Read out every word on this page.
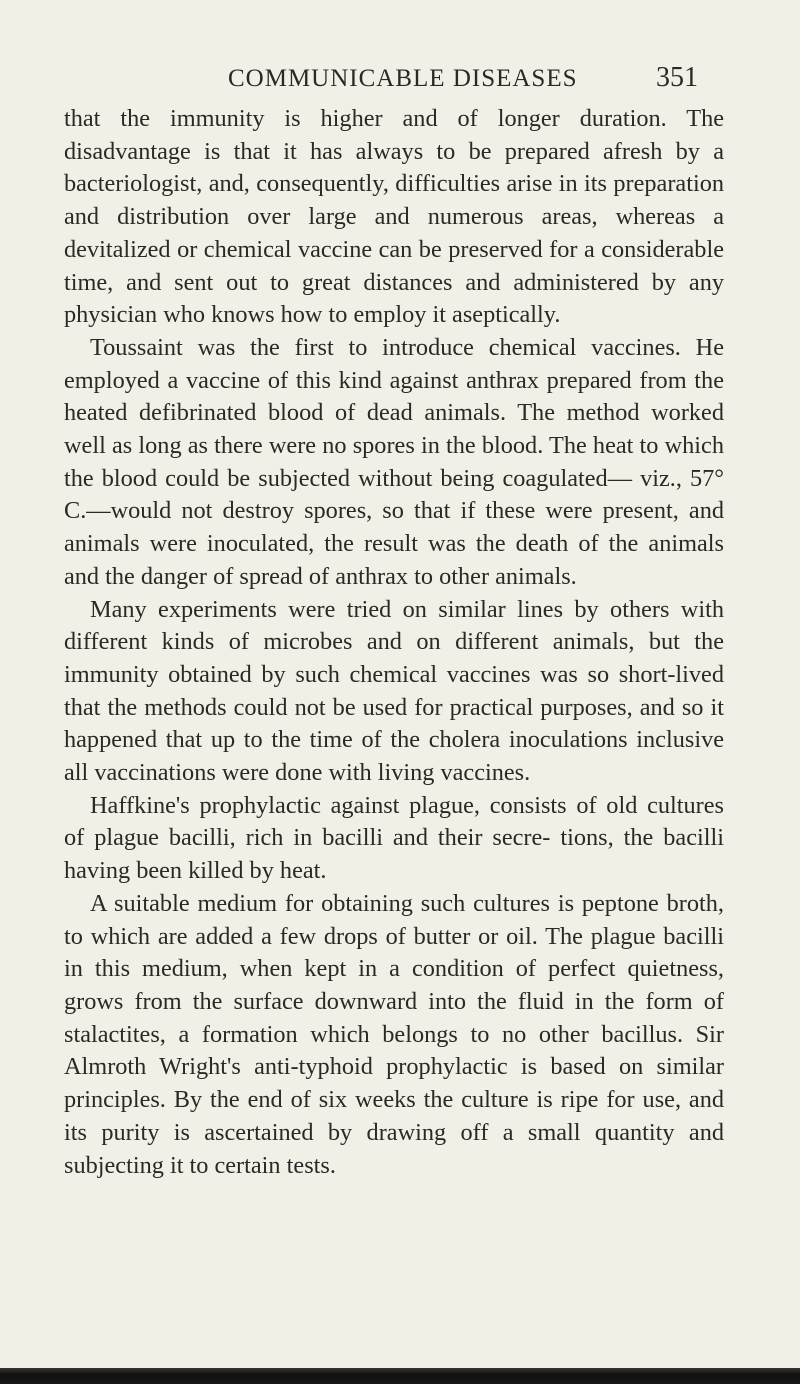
COMMUNICABLE DISEASES	351

that the immunity is higher and of longer duration. The disadvantage is that it has always to be prepared afresh by a bacteriologist, and, consequently, difficulties arise in its preparation and distribution over large and numerous areas, whereas a devitalized or chemical vaccine can be preserved for a considerable time, and sent out to great distances and administered by any physician who knows how to employ it aseptically.

Toussaint was the first to introduce chemical vaccines. He employed a vaccine of this kind against anthrax prepared from the heated defibrinated blood of dead animals. The method worked well as long as there were no spores in the blood. The heat to which the blood could be subjected without being coagulated— viz., 57° C.—would not destroy spores, so that if these were present, and animals were inoculated, the result was the death of the animals and the danger of spread of anthrax to other animals.

Many experiments were tried on similar lines by others with different kinds of microbes and on different animals, but the immunity obtained by such chemical vaccines was so short-lived that the methods could not be used for practical purposes, and so it happened that up to the time of the cholera inoculations inclusive all vaccinations were done with living vaccines.

Haffkine's prophylactic against plague, consists of old cultures of plague bacilli, rich in bacilli and their secre- tions, the bacilli having been killed by heat.

A suitable medium for obtaining such cultures is peptone broth, to which are added a few drops of butter or oil. The plague bacilli in this medium, when kept in a condition of perfect quietness, grows from the surface downward into the fluid in the form of stalactites, a formation which belongs to no other bacillus. Sir Almroth Wright's anti-typhoid prophylactic is based on similar principles. By the end of six weeks the culture is ripe for use, and its purity is ascertained by drawing off a small quantity and subjecting it to certain tests.
